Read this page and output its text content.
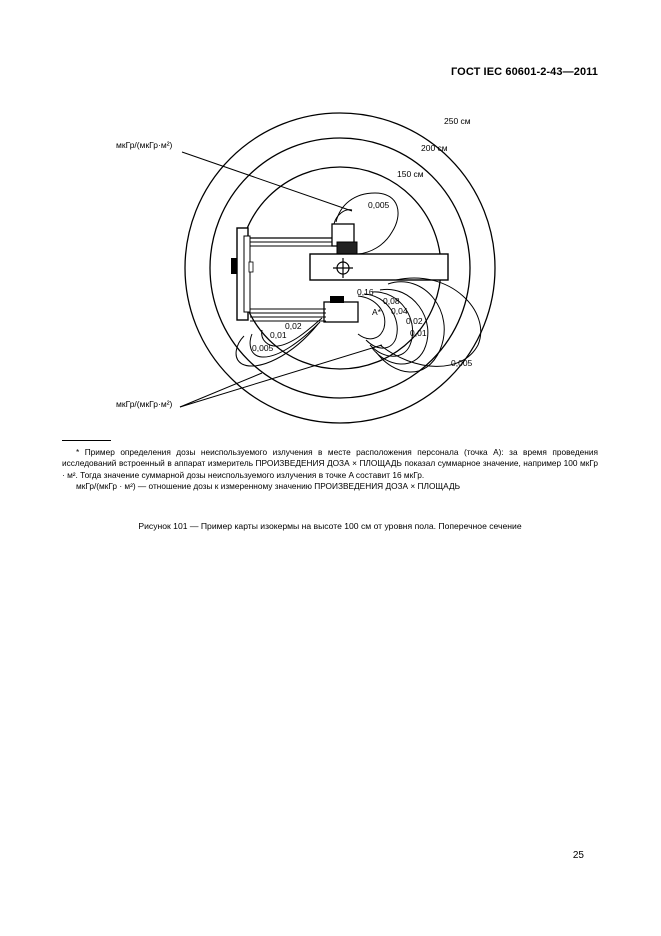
ГОСТ IEC 60601-2-43—2011
250 см
200 см
150 см
мкГр/(мкГр·м²)
мкГр/(мкГр·м²)
0,005
0,16
0,08
A* 0,04
0,02
0,01
0,005
0,02
0,01
0,005

* Пример определения дозы неиспользуемого излучения в месте расположения персонала (точка A): за время проведения исследований встроенный в аппарат измеритель ПРОИЗВЕДЕНИЯ ДОЗА × ПЛОЩАДЬ показал суммарное значение, например 100 мкГр · м². Тогда значение суммарной дозы неиспользуемого излучения в точке A составит 16 мкГр.

мкГр/(мкГр · м²) — отношение дозы к измеренному значению ПРОИЗВЕДЕНИЯ ДОЗА × ПЛОЩАДЬ

Рисунок 101 — Пример карты изокермы на высоте 100 см от уровня пола. Поперечное сечение
25
